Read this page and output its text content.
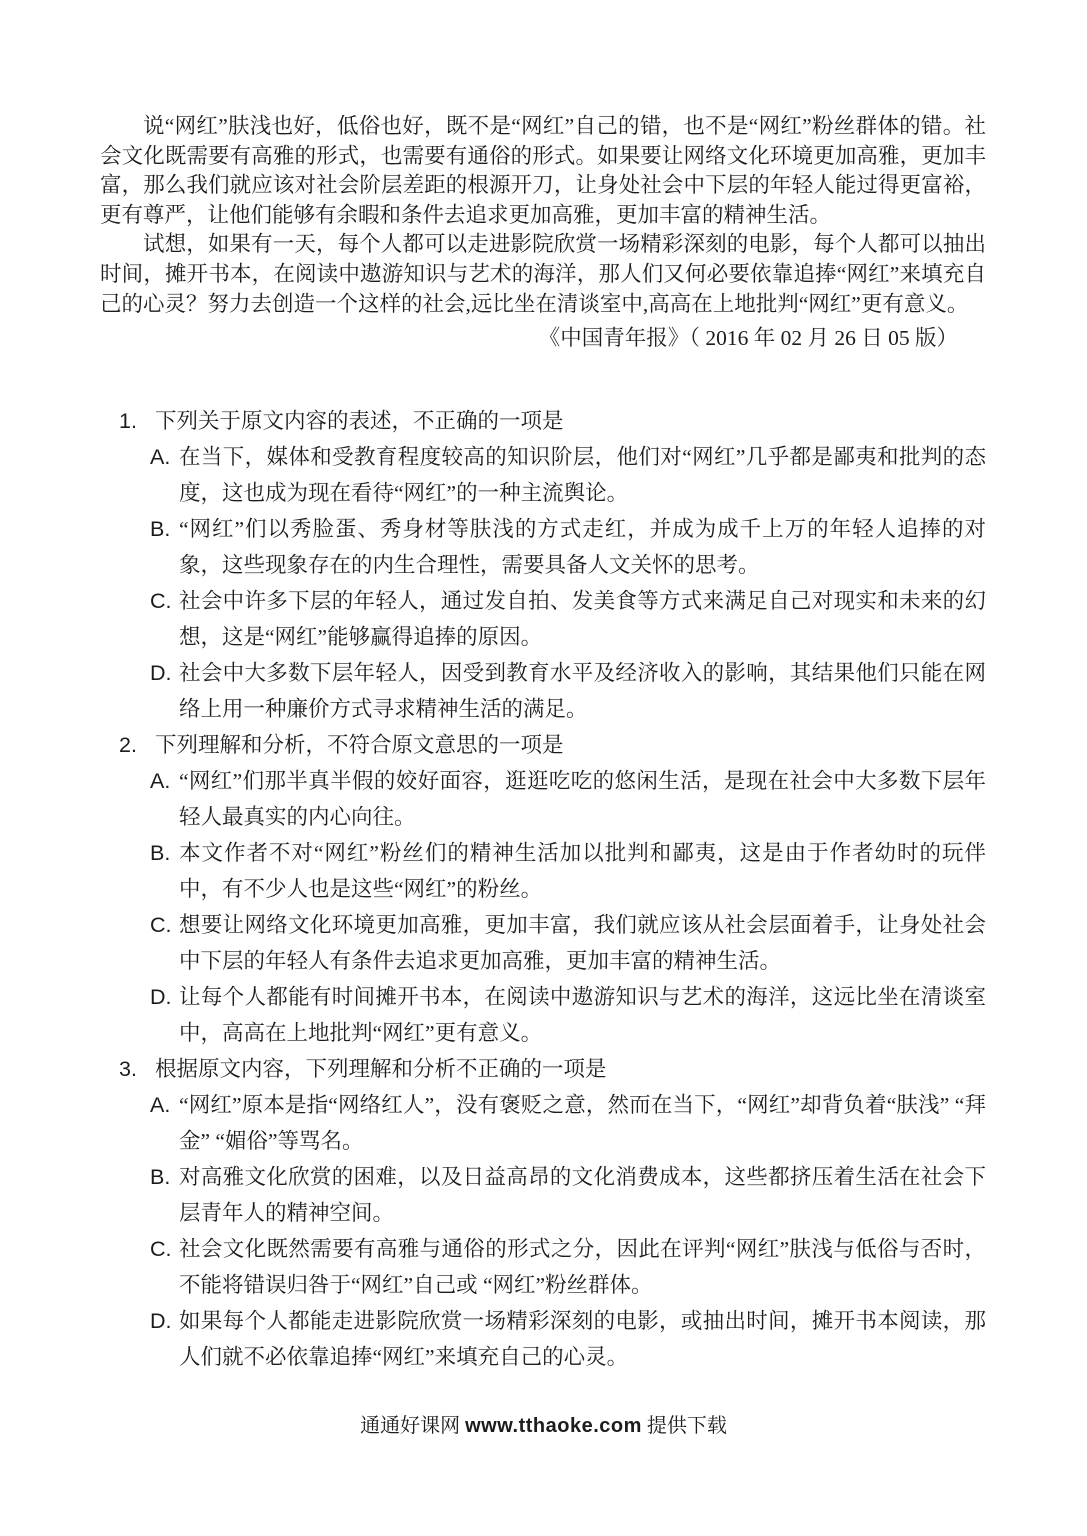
说“网红”肤浅也好，低俗也好，既不是“网红”自己的错，也不是“网红”粉丝群体的错。社会文化既需要有高雅的形式，也需要有通俗的形式。如果要让网络文化环境更加高雅，更加丰富，那么我们就应该对社会阶层差距的根源开刀，让身处社会中下层的年轻人能过得更富裕，更有尊严，让他们能够有余暇和条件去追求更加高雅，更加丰富的精神生活。

试想，如果有一天，每个人都可以走进影院欣赏一场精彩深刻的电影，每个人都可以抽出时间，摊开书本，在阅读中遨游知识与艺术的海洋，那人们又何必要依靠追捧“网红”来填充自己的心灵？努力去创造一个这样的社会,远比坐在清谈室中,高高在上地批判“网红”更有意义。

《中国青年报》（ 2016 年 02 月 26 日 05 版）

1. 下列关于原文内容的表述，不正确的一项是
A. 在当下，媒体和受教育程度较高的知识阶层，他们对“网红”几乎都是鄙夷和批判的态度，这也成为现在看待“网红”的一种主流舆论。
B. “网红”们以秀脸蛋、秀身材等肤浅的方式走红，并成为成千上万的年轻人追捧的对象，这些现象存在的内生合理性，需要具备人文关怀的思考。
C. 社会中许多下层的年轻人，通过发自拍、发美食等方式来满足自己对现实和未来的幻想，这是“网红”能够赢得追捧的原因。
D. 社会中大多数下层年轻人，因受到教育水平及经济收入的影响，其结果他们只能在网络上用一种廉价方式寻求精神生活的满足。
2. 下列理解和分析，不符合原文意思的一项是
A. “网红”们那半真半假的姣好面容，逛逛吃吃的悠闲生活，是现在社会中大多数下层年轻人最真实的内心向往。
B. 本文作者不对“网红”粉丝们的精神生活加以批判和鄙夷，这是由于作者幼时的玩伴中，有不少人也是这些“网红”的粉丝。
C. 想要让网络文化环境更加高雅，更加丰富，我们就应该从社会层面着手，让身处社会中下层的年轻人有条件去追求更加高雅，更加丰富的精神生活。
D. 让每个人都能有时间摊开书本，在阅读中遨游知识与艺术的海洋，这远比坐在清谈室中，高高在上地批判“网红”更有意义。
3. 根据原文内容，下列理解和分析不正确的一项是
A. “网红”原本是指“网络红人”，没有褒贬之意，然而在当下，“网红”却背负着“肤浅” “拜金” “媚俗”等骂名。
B. 对高雅文化欣赏的困难，以及日益高昂的文化消费成本，这些都挤压着生活在社会下层青年人的精神空间。
C. 社会文化既然需要有高雅与通俗的形式之分，因此在评判“网红”肤浅与低俗与否时，不能将错误归咎于“网红”自己或 “网红”粉丝群体。
D. 如果每个人都能走进影院欣赏一场精彩深刻的电影，或抽出时间，摊开书本阅读，那人们就不必依靠追捧“网红”来填充自己的心灵。
通通好课网 www.tthaoke.com 提供下载
